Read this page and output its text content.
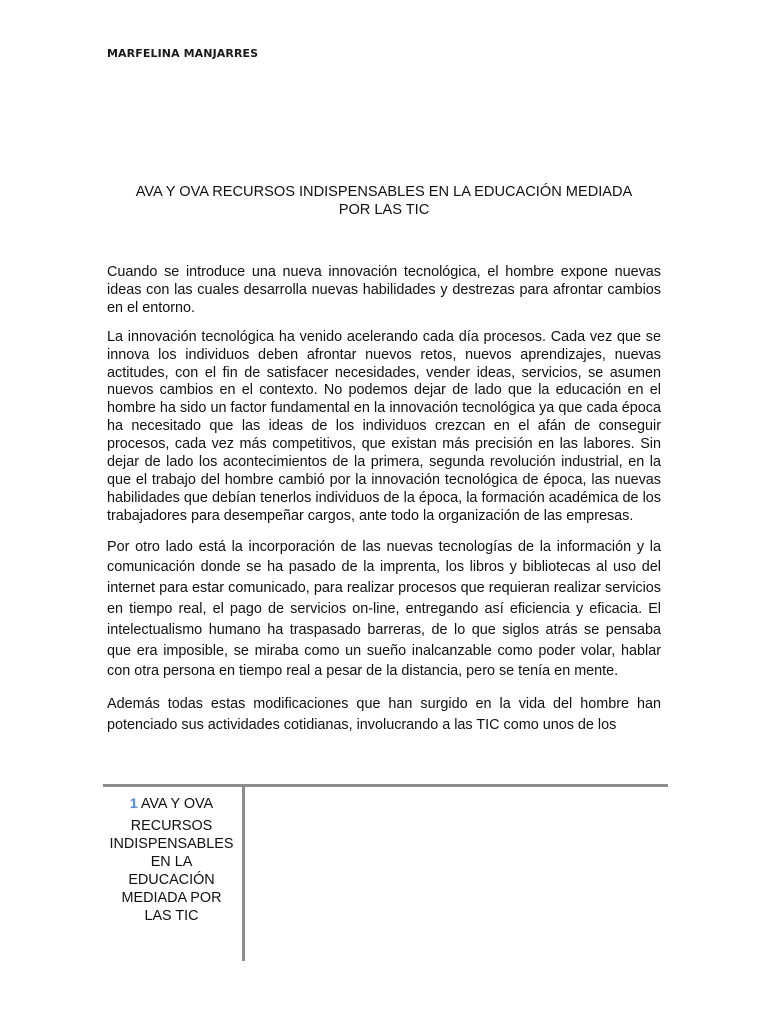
MARFELINA MANJARRES
AVA Y OVA RECURSOS INDISPENSABLES EN LA EDUCACIÓN MEDIADA
POR LAS TIC

Cuando se introduce una nueva innovación tecnológica, el hombre expone nuevas ideas con las cuales desarrolla nuevas habilidades y destrezas para afrontar cambios en el entorno.

La innovación tecnológica ha venido acelerando cada día procesos. Cada vez que se innova los individuos deben afrontar nuevos retos, nuevos aprendizajes, nuevas actitudes, con el fin de satisfacer necesidades, vender ideas, servicios, se asumen nuevos cambios en el contexto. No podemos dejar de lado que la educación en el hombre ha sido un factor fundamental en la innovación tecnológica ya que cada época ha necesitado que las ideas de los individuos crezcan en el afán de conseguir procesos, cada vez más competitivos, que existan más precisión en las labores. Sin dejar de lado los acontecimientos de la primera, segunda revolución industrial, en la que el trabajo del hombre cambió por la innovación tecnológica de época, las nuevas habilidades que debían tenerlos individuos de la época, la formación académica de los trabajadores para desempeñar cargos, ante todo la organización de las empresas.

Por otro lado está la incorporación de las nuevas tecnologías de la información y la comunicación donde se ha pasado de la imprenta, los libros y bibliotecas al uso del internet para estar comunicado, para realizar procesos que requieran realizar servicios en tiempo real, el pago de servicios on-line, entregando así eficiencia y eficacia. El intelectualismo humano ha traspasado barreras, de lo que siglos atrás se pensaba que era imposible, se miraba como un sueño inalcanzable como poder volar, hablar con otra persona en tiempo real a pesar de la distancia, pero se tenía en mente.

Además todas estas modificaciones que han surgido en la vida del hombre han potenciado sus actividades cotidianas, involucrando a las TIC como unos de los

1 AVA Y OVA
RECURSOS
INDISPENSABLES
EN LA
EDUCACIÓN
MEDIADA POR
LAS TIC
